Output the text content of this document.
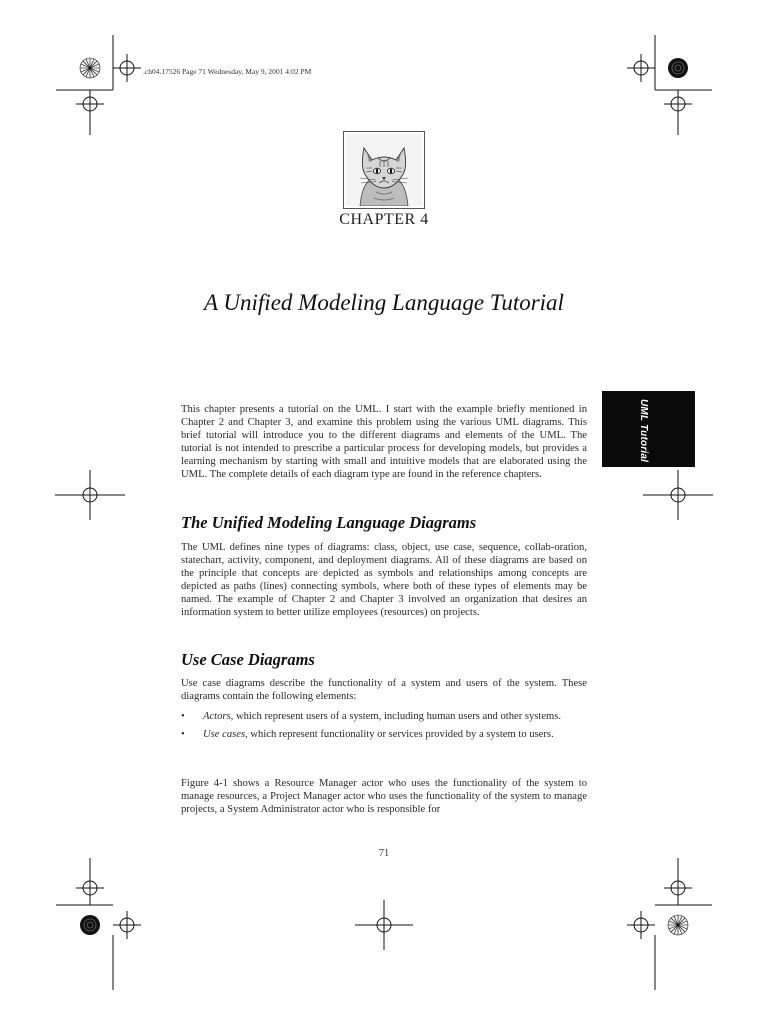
.ch04.17526 Page 71 Wednesday, May 9, 2001 4:02 PM
CHAPTER 4
A Unified Modeling Language Tutorial
UML Tutorial

This chapter presents a tutorial on the UML. I start with the example briefly mentioned in Chapter 2 and Chapter 3, and examine this problem using the various UML diagrams. This brief tutorial will introduce you to the different diagrams and elements of the UML. The tutorial is not intended to prescribe a particular process for developing models, but provides a learning mechanism by starting with small and intuitive models that are elaborated using the UML. The complete details of each diagram type are found in the reference chapters.

The Unified Modeling Language Diagrams

The UML defines nine types of diagrams: class, object, use case, sequence, collab-oration, statechart, activity, component, and deployment diagrams. All of these diagrams are based on the principle that concepts are depicted as symbols and relationships among concepts are depicted as paths (lines) connecting symbols, where both of these types of elements may be named. The example of Chapter 2 and Chapter 3 involved an organization that desires an information system to better utilize employees (resources) on projects.

Use Case Diagrams

Use case diagrams describe the functionality of a system and users of the system. These diagrams contain the following elements:

• Actors, which represent users of a system, including human users and other systems.
• Use cases, which represent functionality or services provided by a system to users.

Figure 4-1 shows a Resource Manager actor who uses the functionality of the system to manage resources, a Project Manager actor who uses the functionality of the system to manage projects, a System Administrator actor who is responsible for

71
